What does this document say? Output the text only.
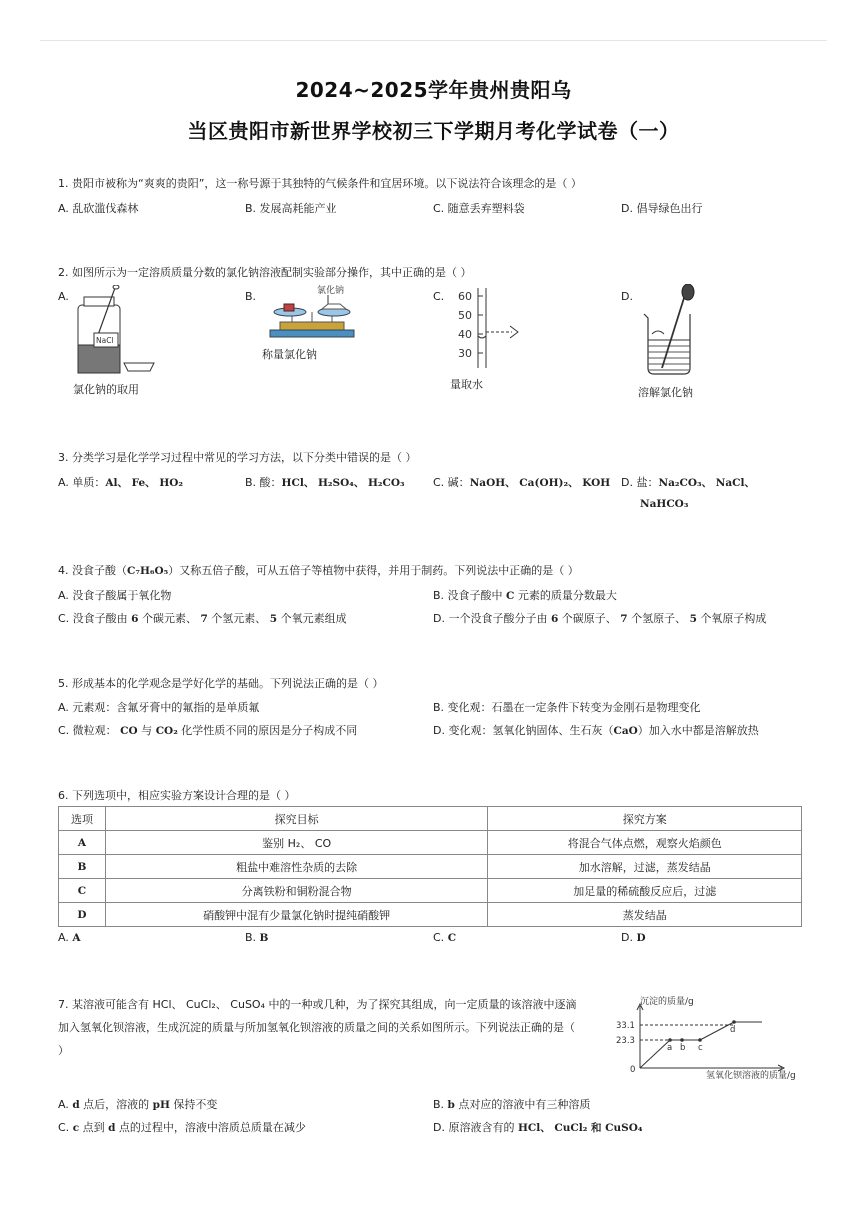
2024~2025学年贵州贵阳乌
当区贵阳市新世界学校初三下学期月考化学试卷（一）
1. 贵阳市被称为“爽爽的贵阳”，这一称号源于其独特的气候条件和宜居环境。以下说法符合该理念的是（ ）
A. 乱砍滥伐森林	B. 发展高耗能产业	C. 随意丢弃塑料袋	D. 倡导绿色出行
2. 如图所示为一定溶质质量分数的氯化钠溶液配制实验部分操作，其中正确的是（ ）
A.	B.	C.	D.
NaCl
氯化钠的取用
氯化钠
称量氯化钠
60
50
40
30
量取水
溶解氯化钠
3. 分类学习是化学学习过程中常见的学习方法，以下分类中错误的是（ ）
A. 单质：Al、 Fe、 HO₂	B. 酸：HCl、 H₂SO₄、 H₂CO₃	C. 碱：NaOH、 Ca(OH)₂、 KOH D. 盐：Na₂CO₃、 NaCl、
NaHCO₃
4. 没食子酸（C₇H₆O₅）又称五倍子酸，可从五倍子等植物中获得，并用于制药。下列说法中正确的是（ ）
A. 没食子酸属于氧化物	B. 没食子酸中 C 元素的质量分数最大
C. 没食子酸由 6 个碳元素、 7 个氢元素、 5 个氧元素组成	D. 一个没食子酸分子由 6 个碳原子、 7 个氢原子、 5 个氧原子构成
5. 形成基本的化学观念是学好化学的基础。下列说法正确的是（ ）
A. 元素观：含氟牙膏中的氟指的是单质氟	B. 变化观：石墨在一定条件下转变为金刚石是物理变化
C. 微粒观： CO 与 CO₂ 化学性质不同的原因是分子构成不同	D. 变化观：氢氧化钠固体、生石灰（CaO）加入水中都是溶解放热
6. 下列选项中，相应实验方案设计合理的是（ ）
选项	探究目标	探究方案
A	鉴别 H₂、 CO	将混合气体点燃，观察火焰颜色
B	粗盐中难溶性杂质的去除	加水溶解，过滤，蒸发结晶
C	分离铁粉和铜粉混合物	加足量的稀硫酸反应后，过滤
D	硝酸钾中混有少量氯化钠时提纯硝酸钾	蒸发结晶
A. A	B. B	C. C	D. D
7. 某溶液可能含有 HCl、 CuCl₂、 CuSO₄ 中的一种或几种，为了探究其组成，向一定质量的该溶液中逐滴
加入氢氧化钡溶液，生成沉淀的质量与所加氢氧化钡溶液的质量之间的关系如图所示。下列说法正确的是（
）
沉淀的质量/g
33.1
23.3
0
a b c
d
氢氧化钡溶液的质量/g
A. d 点后，溶液的 pH 保持不变	B. b 点对应的溶液中有三种溶质
C. c 点到 d 点的过程中，溶液中溶质总质量在减少	D. 原溶液含有的 HCl、 CuCl₂ 和 CuSO₄
